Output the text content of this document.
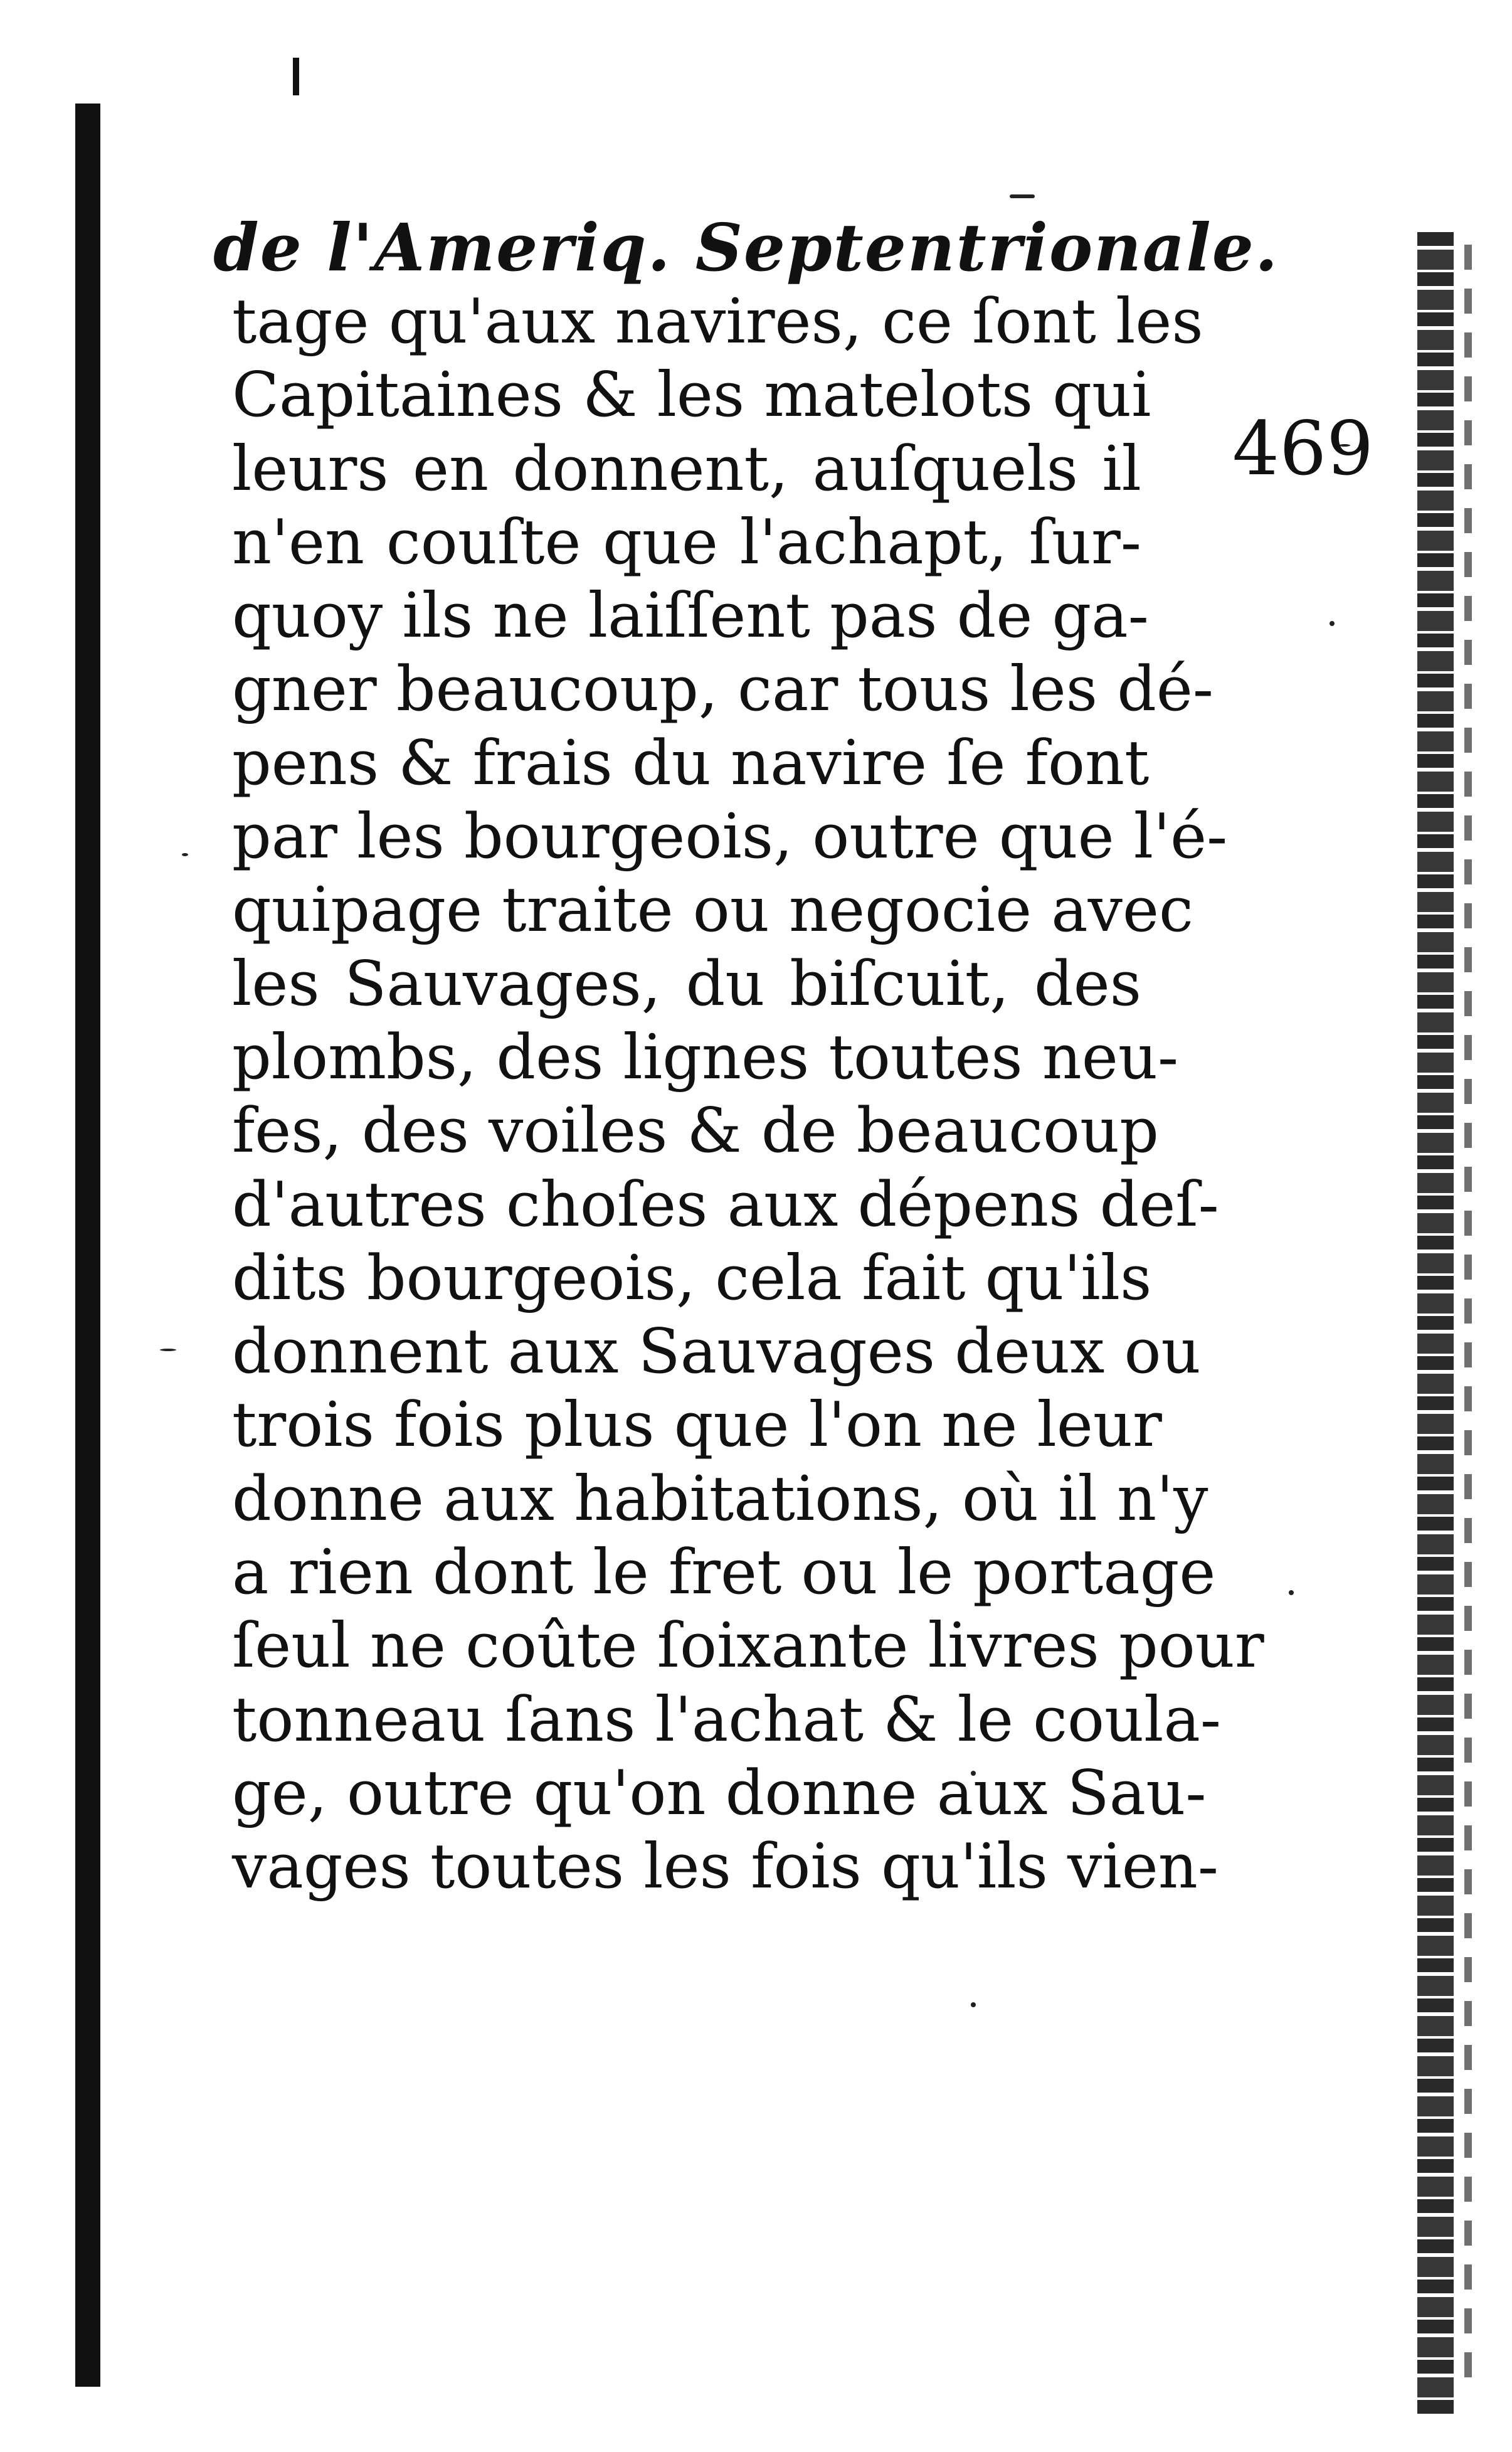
de l'Ameriq. Septentrionale.
469
tage qu'aux navires, ce ſont les
Capitaines & les matelots qui
leurs en donnent, auſquels il
n'en couſte que l'achapt, ſur-
quoy ils ne laiſſent pas de ga-
gner beaucoup, car tous les dé-
pens & frais du navire ſe font
par les bourgeois, outre que l'é-
quipage traite ou negocie avec
les Sauvages, du biſcuit, des
plombs, des lignes toutes neu-
fes, des voiles & de beaucoup
d'autres choſes aux dépens deſ-
dits bourgeois, cela fait qu'ils
donnent aux Sauvages deux ou
trois fois plus que l'on ne leur
donne aux habitations, où il n'y
a rien dont le fret ou le portage
ſeul ne coûte ſoixante livres pour
tonneau ſans l'achat & le coula-
ge, outre qu'on donne aux Sau-
vages toutes les fois qu'ils vien-
